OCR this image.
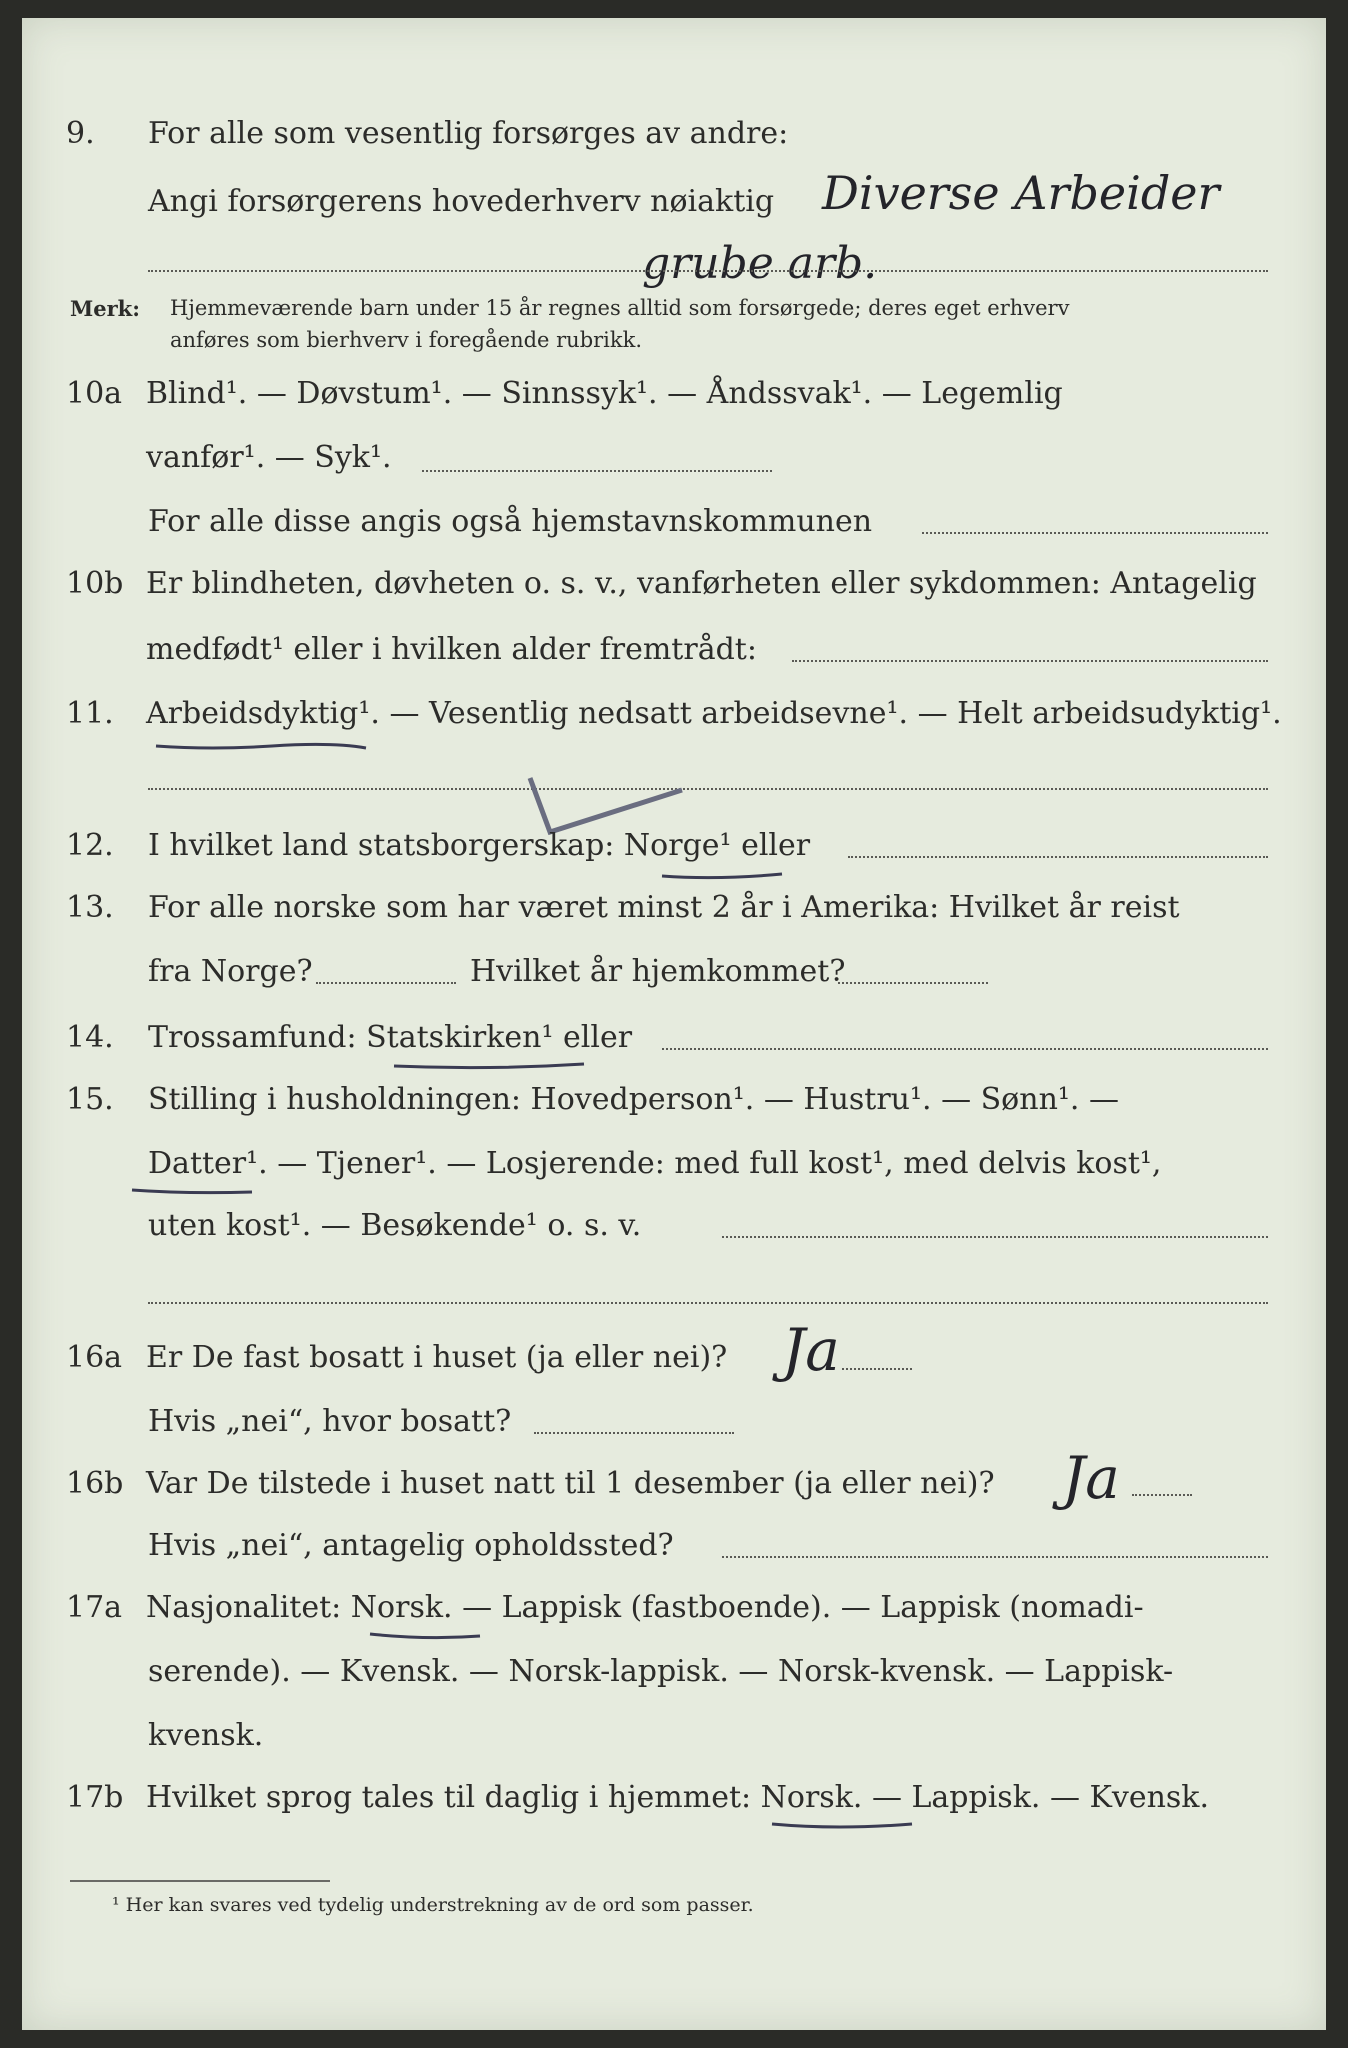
9. For alle som vesentlig forsørges av andre:
Angi forsørgerens hovederhverv nøiaktig Diverse Arbeider
grube arb.
Merk: Hjemmeværende barn under 15 år regnes alltid som forsørgede; deres eget erhverv
anføres som bierhverv i foregående rubrikk.
10a Blind¹. — Døvstum¹. — Sinnssyk¹. — Åndssvak¹. — Legemlig
vanfør¹. — Syk¹.
For alle disse angis også hjemstavnskommunen
10b Er blindheten, døvheten o. s. v., vanførheten eller sykdommen: Antagelig
medfødt¹ eller i hvilken alder fremtrådt:
11. Arbeidsdyktig¹. — Vesentlig nedsatt arbeidsevne¹. — Helt arbeidsudyktig¹.
12. I hvilket land statsborgerskap: Norge¹ eller
13. For alle norske som har været minst 2 år i Amerika: Hvilket år reist
fra Norge?	Hvilket år hjemkommet?
14. Trossamfund: Statskirken¹ eller
15. Stilling i husholdningen: Hovedperson¹. — Hustru¹. — Sønn¹. —
Datter¹. — Tjener¹. — Losjerende: med full kost¹, med delvis kost¹,
uten kost¹. — Besøkende¹ o. s. v.
16a Er De fast bosatt i huset (ja eller nei)? Ja
Hvis „nei“, hvor bosatt?
16b Var De tilstede i huset natt til 1 desember (ja eller nei)? Ja
Hvis „nei“, antagelig opholdssted?
17a Nasjonalitet: Norsk. — Lappisk (fastboende). — Lappisk (nomadi-
serende). — Kvensk. — Norsk-lappisk. — Norsk-kvensk. — Lappisk-
kvensk.
17b Hvilket sprog tales til daglig i hjemmet: Norsk. — Lappisk. — Kvensk.
¹ Her kan svares ved tydelig understrekning av de ord som passer.
